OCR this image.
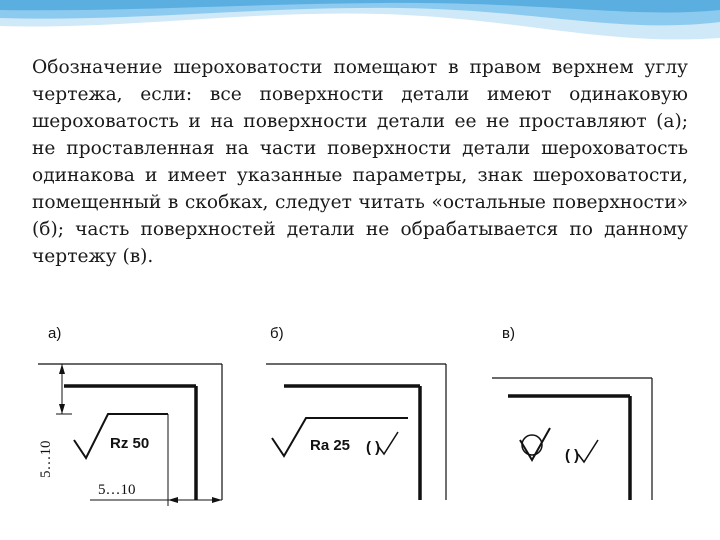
Обозначение шероховатости помещают в правом верхнем углу чертежа, если: все поверхности детали имеют одинаковую шероховатость и на поверхности детали ее не проставляют (а); не проставленная на части поверхности детали шероховатость одинакова и имеет указанные параметры, знак шероховатости, помещенный в скобках, следует читать «остальные поверхности» (б); часть поверхностей детали не обрабатывается по данному чертежу (в).

а)
Rz 50
5…10
5…10
б)
Ra 25 ( )
в)
( )
